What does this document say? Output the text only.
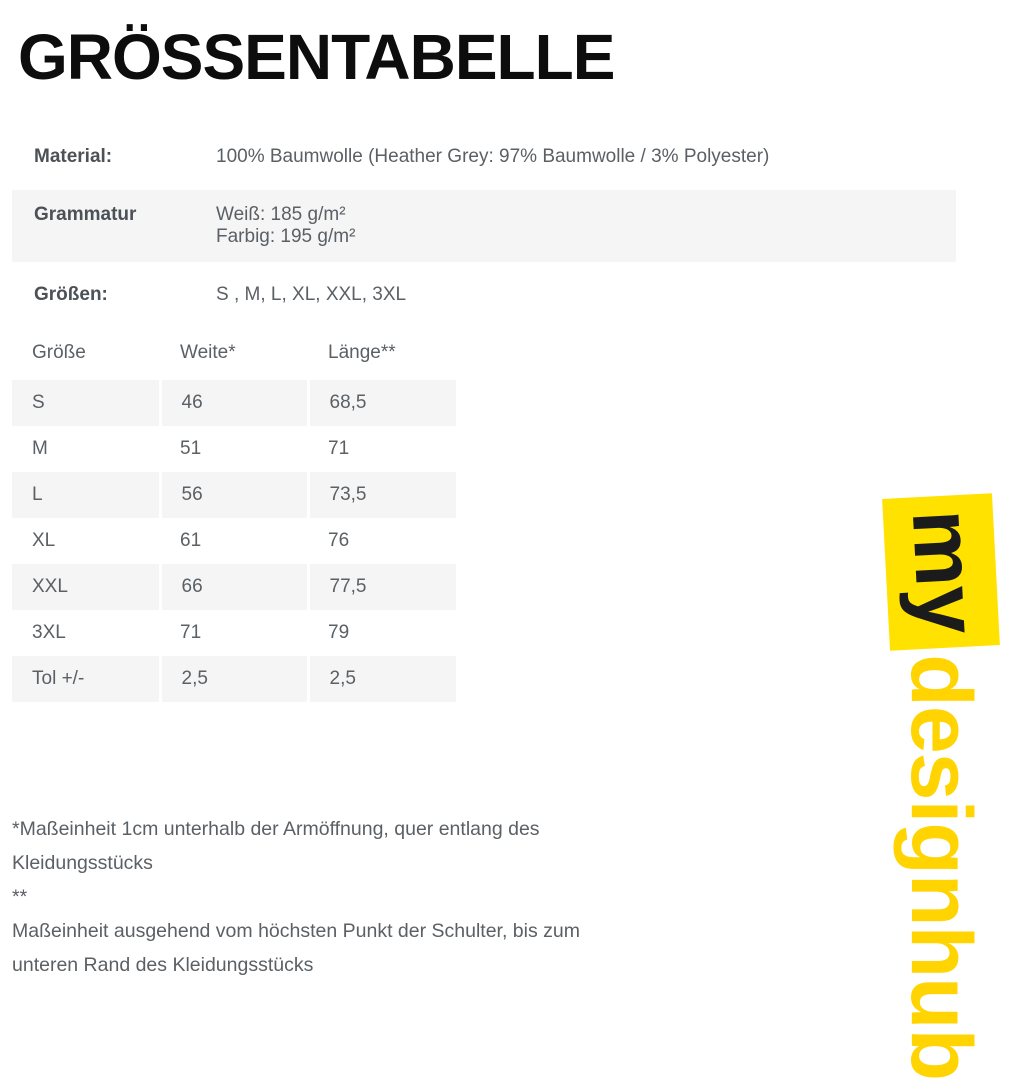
GRÖSSENTABELLE
Material:	100% Baumwolle (Heather Grey: 97% Baumwolle / 3% Polyester)
Grammatur	Weiß: 185 g/m²
Farbig: 195 g/m²
Größen:	S , M, L, XL, XXL, 3XL
Größe	Weite*	Länge**
S	46	68,5
M	51	71
L	56	73,5
XL	61	76
XXL	66	77,5
3XL	71	79
Tol +/-	2,5	2,5

*Maßeinheit 1cm unterhalb der Armöffnung, quer entlang des

Kleidungsstücks

**

Maßeinheit ausgehend vom höchsten Punkt der Schulter, bis zum

unteren Rand des Kleidungsstücks

my
designhub
